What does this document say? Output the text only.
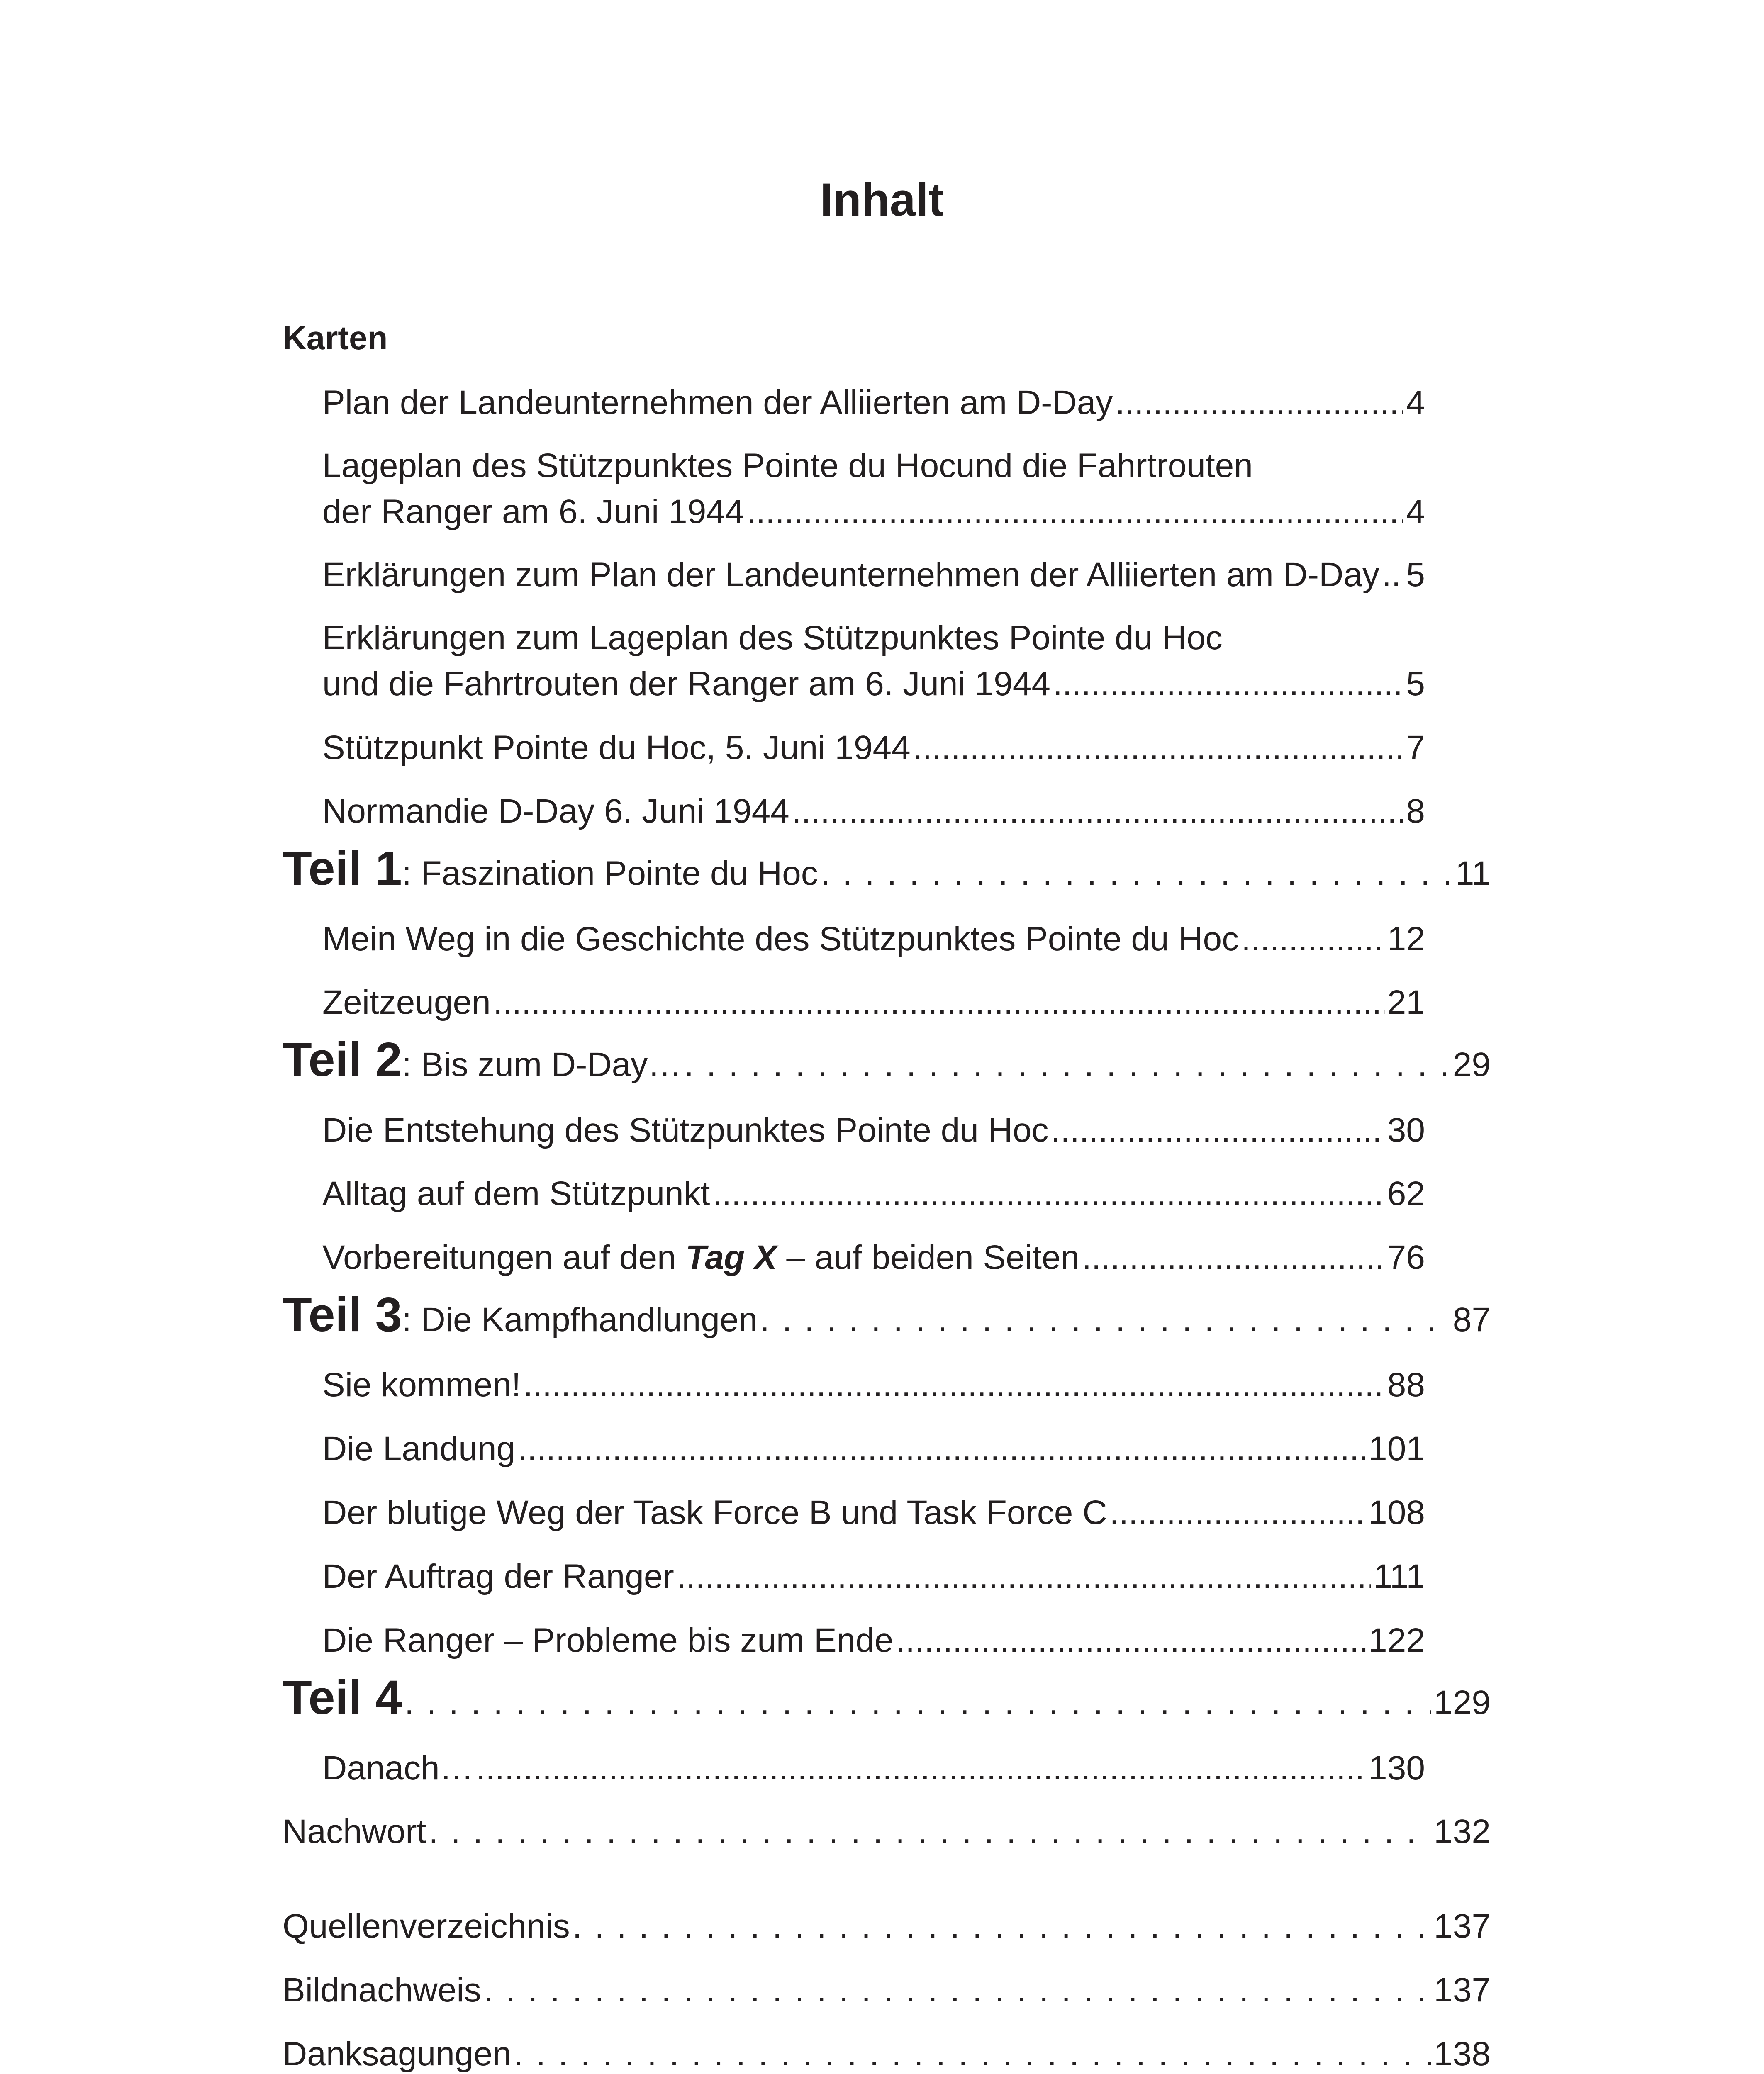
Inhalt
Karten
Plan der Landeunternehmen der Alliierten am D-Day .....	4
Lageplan des Stützpunktes Pointe du Hocund die Fahrtrouten
der Ranger am 6. Juni 1944 .....	4
Erklärungen zum Plan der Landeunternehmen der Alliierten am D-Day ..... 5
Erklärungen zum Lageplan des Stützpunktes Pointe du Hoc
und die Fahrtrouten der Ranger am 6. Juni 1944 .....	5
Stützpunkt Pointe du Hoc, 5. Juni 1944 .....	7
Normandie D-Day 6. Juni 1944 .....	8
Teil 1: Faszination Pointe du Hoc . . .	11
Mein Weg in die Geschichte des Stützpunktes Pointe du Hoc .....	12
Zeitzeugen .....	21
Teil 2: Bis zum D-Day… . . .	29
Die Entstehung des Stützpunktes Pointe du Hoc .....	30
Alltag auf dem Stützpunkt .....	62
Vorbereitungen auf den Tag X – auf beiden Seiten .....	76
Teil 3: Die Kampfhandlungen . . .	87
Sie kommen! .....	88
Die Landung .....	101
Der blutige Weg der Task Force B und Task Force C .....	108
Der Auftrag der Ranger .....	111
Die Ranger – Probleme bis zum Ende .....	122
Teil 4 . . .	129
Danach… .....	130
Nachwort . . .	132
Quellenverzeichnis . . .	137
Bildnachweis . . .	137
Danksagungen . . .	138
